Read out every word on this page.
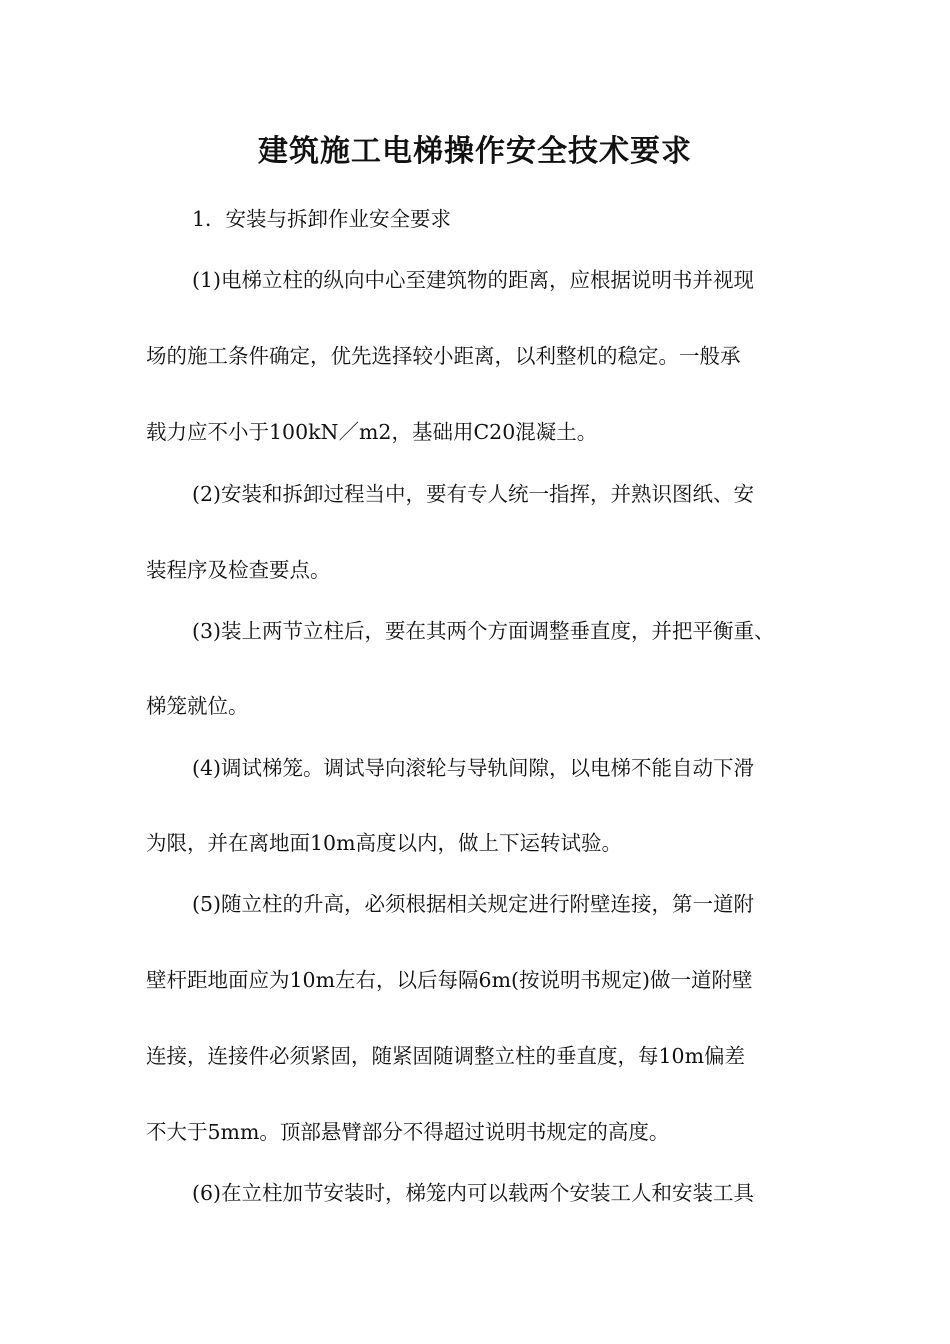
建筑施工电梯操作安全技术要求

1．安装与拆卸作业安全要求

(1)电梯立柱的纵向中心至建筑物的距离，应根据说明书并视现

场的施工条件确定，优先选择较小距离，以利整机的稳定。一般承

载力应不小于100kN／m2，基础用C20混凝土。

(2)安装和拆卸过程当中，要有专人统一指挥，并熟识图纸、安

装程序及检查要点。

(3)装上两节立柱后，要在其两个方面调整垂直度，并把平衡重、

梯笼就位。

(4)调试梯笼。调试导向滚轮与导轨间隙，以电梯不能自动下滑

为限，并在离地面10m高度以内，做上下运转试验。

(5)随立柱的升高，必须根据相关规定进行附壁连接，第一道附

壁杆距地面应为10m左右，以后每隔6m(按说明书规定)做一道附壁

连接，连接件必须紧固，随紧固随调整立柱的垂直度，每10m偏差

不大于5mm。顶部悬臂部分不得超过说明书规定的高度。

(6)在立柱加节安装时，梯笼内可以载两个安装工人和安装工具
